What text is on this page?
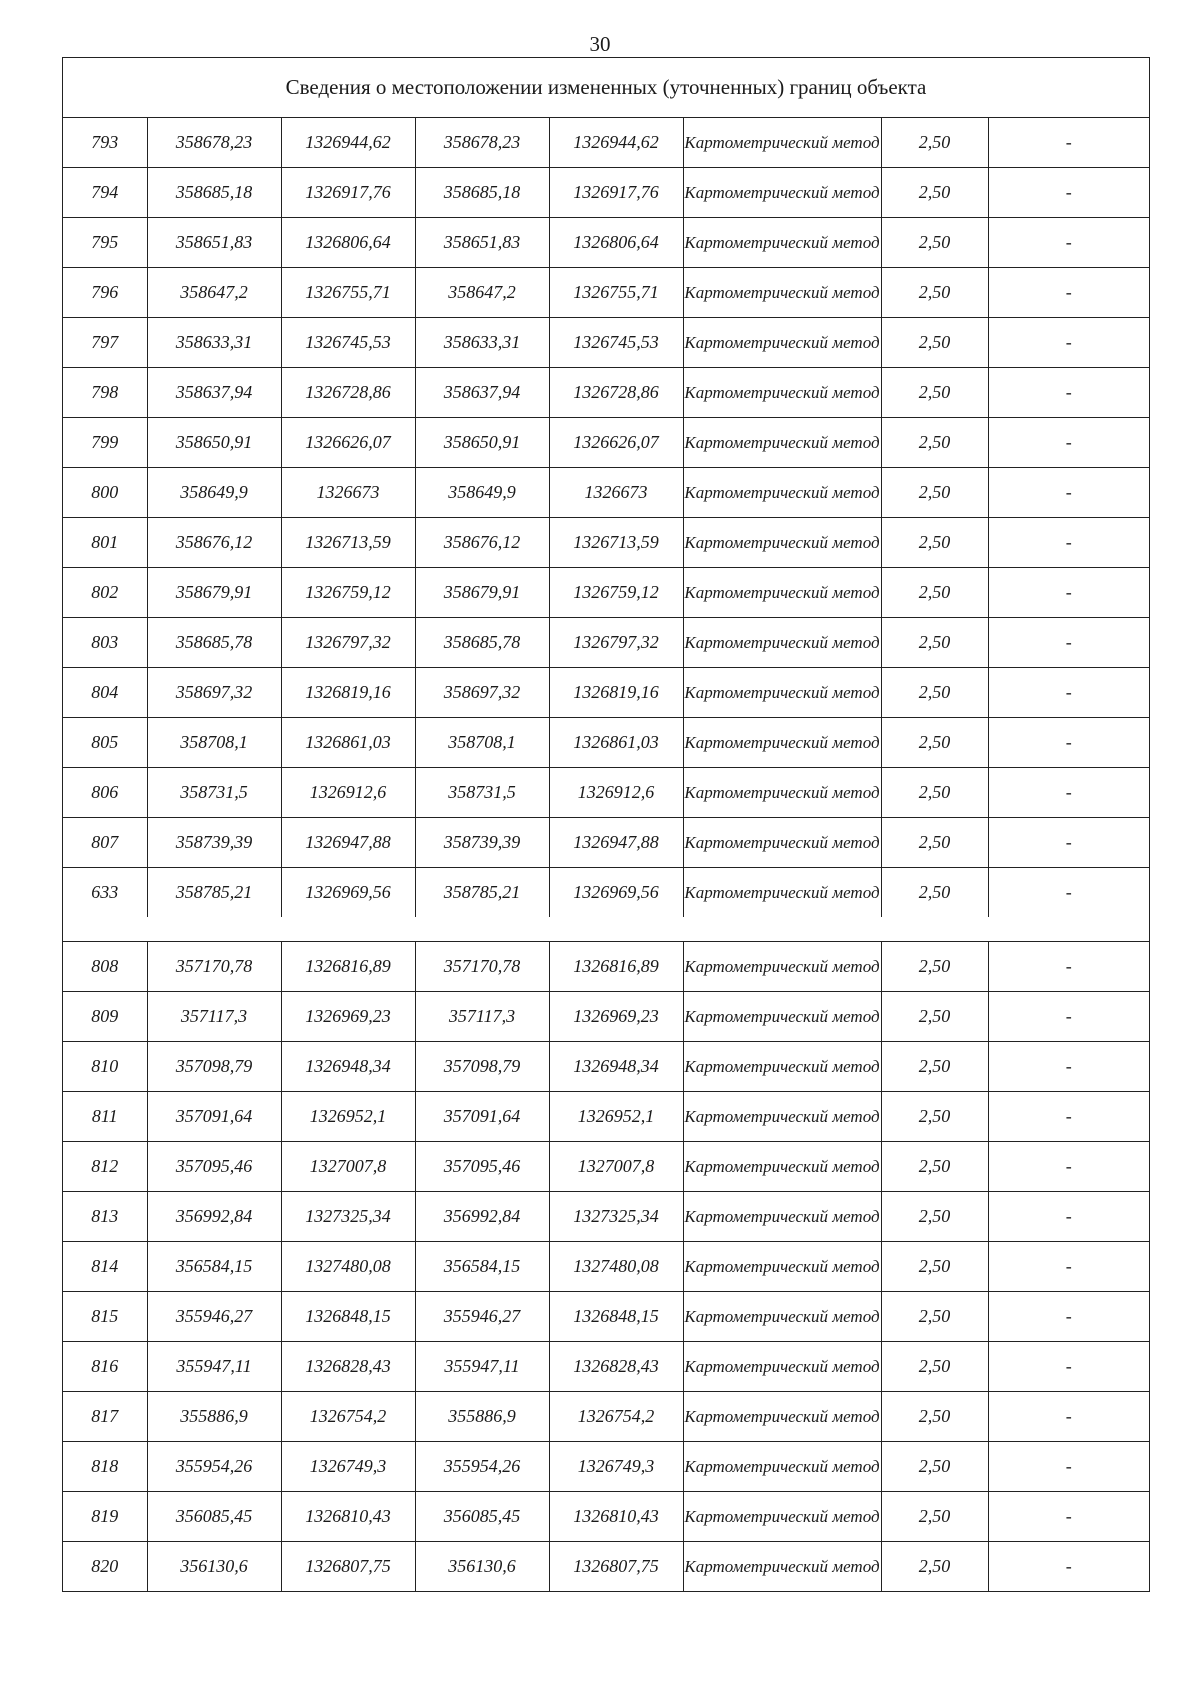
30
Сведения о местоположении измененных (уточненных) границ объекта
793	358678,23	1326944,62	358678,23	1326944,62	Картометрический метод	2,50	-
794	358685,18	1326917,76	358685,18	1326917,76	Картометрический метод	2,50	-
795	358651,83	1326806,64	358651,83	1326806,64	Картометрический метод	2,50	-
796	358647,2	1326755,71	358647,2	1326755,71	Картометрический метод	2,50	-
797	358633,31	1326745,53	358633,31	1326745,53	Картометрический метод	2,50	-
798	358637,94	1326728,86	358637,94	1326728,86	Картометрический метод	2,50	-
799	358650,91	1326626,07	358650,91	1326626,07	Картометрический метод	2,50	-
800	358649,9	1326673	358649,9	1326673	Картометрический метод	2,50	-
801	358676,12	1326713,59	358676,12	1326713,59	Картометрический метод	2,50	-
802	358679,91	1326759,12	358679,91	1326759,12	Картометрический метод	2,50	-
803	358685,78	1326797,32	358685,78	1326797,32	Картометрический метод	2,50	-
804	358697,32	1326819,16	358697,32	1326819,16	Картометрический метод	2,50	-
805	358708,1	1326861,03	358708,1	1326861,03	Картометрический метод	2,50	-
806	358731,5	1326912,6	358731,5	1326912,6	Картометрический метод	2,50	-
807	358739,39	1326947,88	358739,39	1326947,88	Картометрический метод	2,50	-
633	358785,21	1326969,56	358785,21	1326969,56	Картометрический метод	2,50	-
808	357170,78	1326816,89	357170,78	1326816,89	Картометрический метод	2,50	-
809	357117,3	1326969,23	357117,3	1326969,23	Картометрический метод	2,50	-
810	357098,79	1326948,34	357098,79	1326948,34	Картометрический метод	2,50	-
811	357091,64	1326952,1	357091,64	1326952,1	Картометрический метод	2,50	-
812	357095,46	1327007,8	357095,46	1327007,8	Картометрический метод	2,50	-
813	356992,84	1327325,34	356992,84	1327325,34	Картометрический метод	2,50	-
814	356584,15	1327480,08	356584,15	1327480,08	Картометрический метод	2,50	-
815	355946,27	1326848,15	355946,27	1326848,15	Картометрический метод	2,50	-
816	355947,11	1326828,43	355947,11	1326828,43	Картометрический метод	2,50	-
817	355886,9	1326754,2	355886,9	1326754,2	Картометрический метод	2,50	-
818	355954,26	1326749,3	355954,26	1326749,3	Картометрический метод	2,50	-
819	356085,45	1326810,43	356085,45	1326810,43	Картометрический метод	2,50	-
820	356130,6	1326807,75	356130,6	1326807,75	Картометрический метод	2,50	-
